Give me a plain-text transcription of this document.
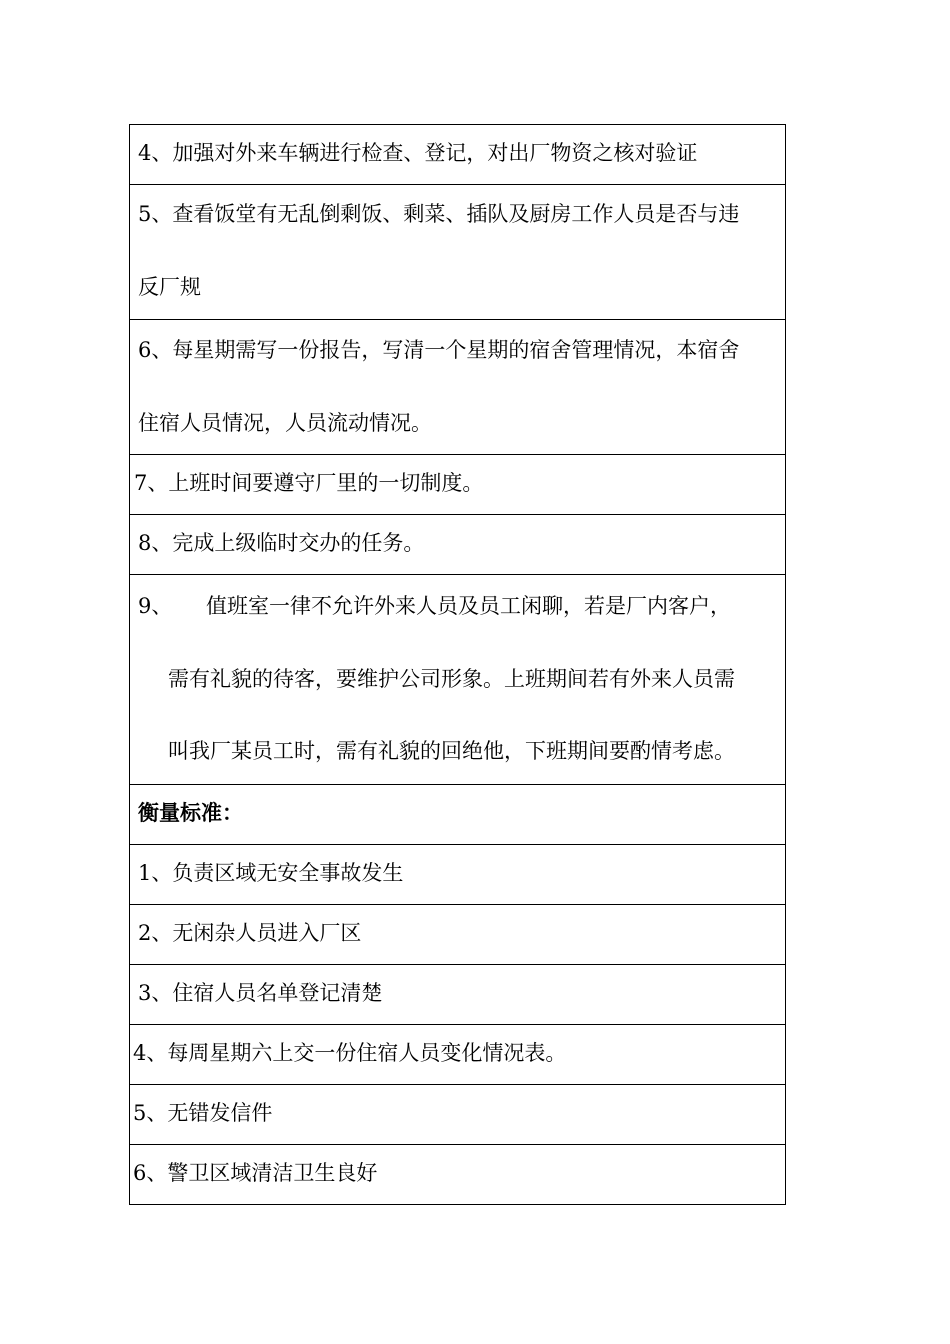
4、加强对外来车辆进行检查、登记，对出厂物资之核对验证
5、查看饭堂有无乱倒剩饭、剩菜、插队及厨房工作人员是否与违
反厂规
6、每星期需写一份报告，写清一个星期的宿舍管理情况，本宿舍
住宿人员情况，人员流动情况。
7、上班时间要遵守厂里的一切制度。
8、完成上级临时交办的任务。
9、 值班室一律不允许外来人员及员工闲聊，若是厂内客户，
需有礼貌的待客，要维护公司形象。上班期间若有外来人员需
叫我厂某员工时，需有礼貌的回绝他，下班期间要酌情考虑。
衡量标准：
1、负责区域无安全事故发生
2、无闲杂人员进入厂区
3、住宿人员名单登记清楚
4、每周星期六上交一份住宿人员变化情况表。
5、无错发信件
6、警卫区域清洁卫生良好
